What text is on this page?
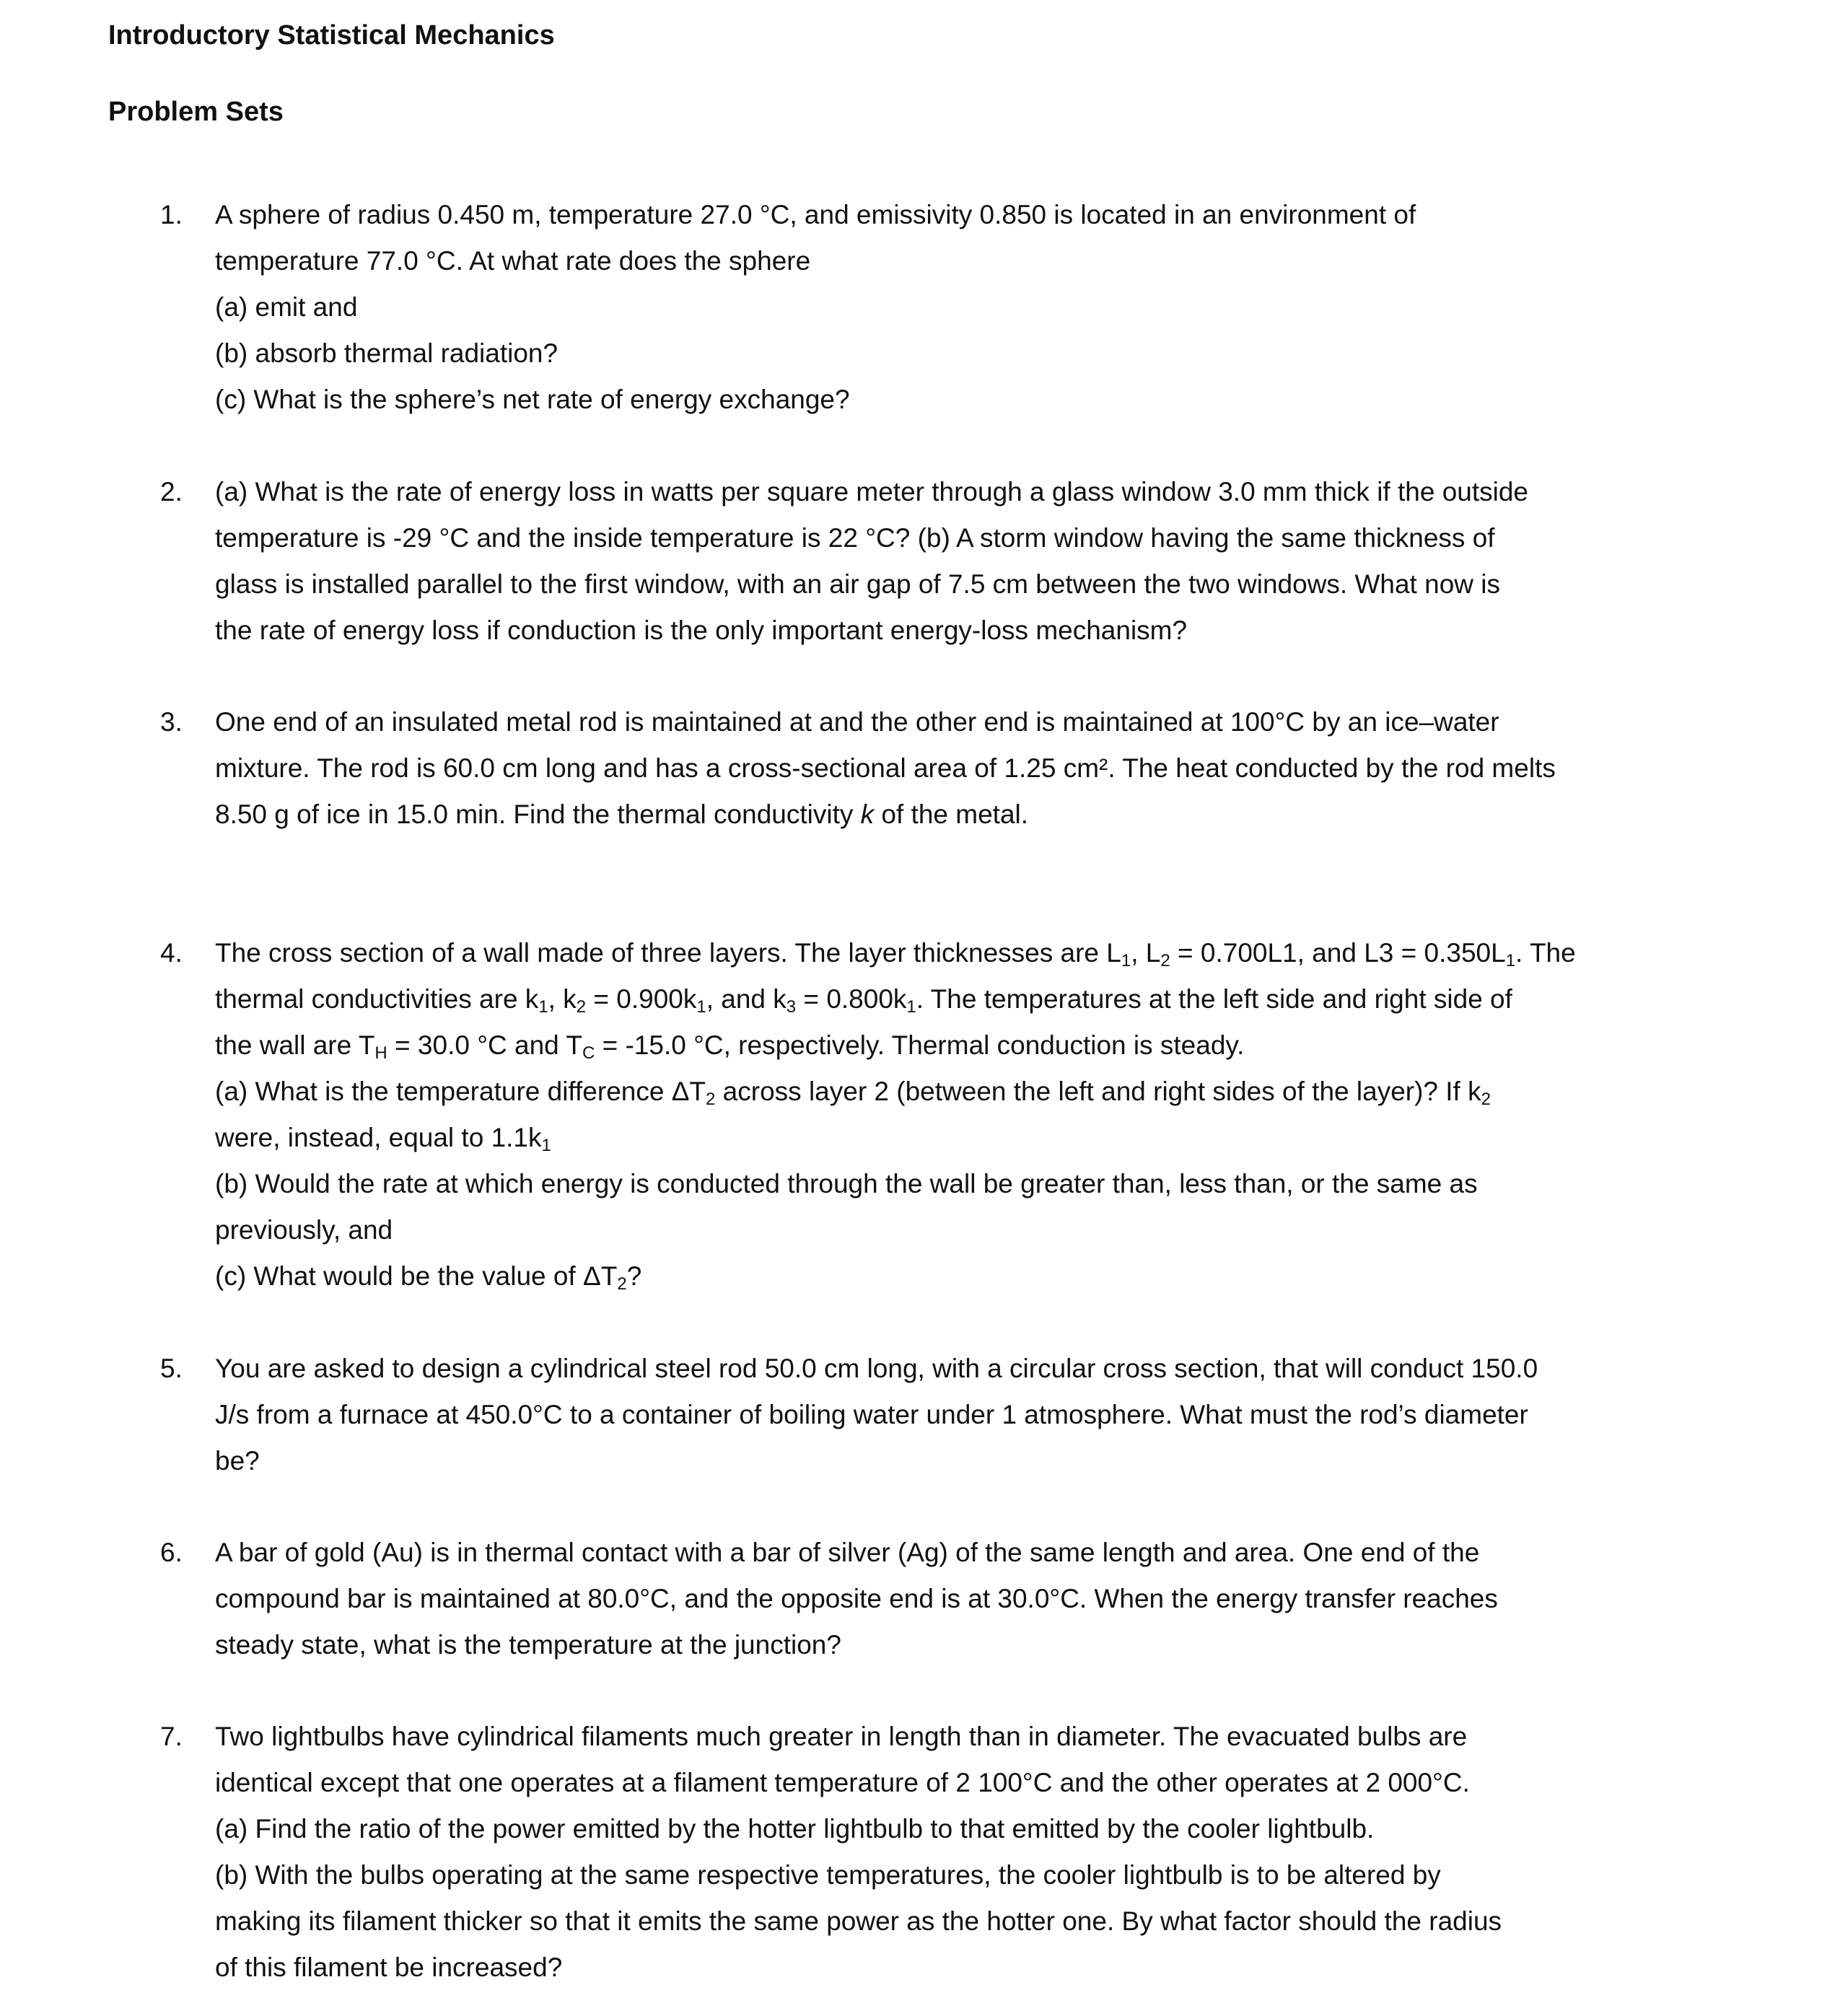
Introductory Statistical Mechanics
Problem Sets
1. A sphere of radius 0.450 m, temperature 27.0 °C, and emissivity 0.850 is located in an environment of
temperature 77.0 °C. At what rate does the sphere
(a) emit and
(b) absorb thermal radiation?
(c) What is the sphere’s net rate of energy exchange?
2. (a) What is the rate of energy loss in watts per square meter through a glass window 3.0 mm thick if the outside
temperature is -29 °C and the inside temperature is 22 °C? (b) A storm window having the same thickness of
glass is installed parallel to the first window, with an air gap of 7.5 cm between the two windows. What now is
the rate of energy loss if conduction is the only important energy-loss mechanism?
3. One end of an insulated metal rod is maintained at and the other end is maintained at 100°C by an ice–water
mixture. The rod is 60.0 cm long and has a cross-sectional area of 1.25 cm². The heat conducted by the rod melts
8.50 g of ice in 15.0 min. Find the thermal conductivity k of the metal.
4. The cross section of a wall made of three layers. The layer thicknesses are $L_1$, $L_2 = 0.700L1$, and $L3 = 0.350L_1$. The
thermal conductivities are $k_1$, $k_2 = 0.900k_1$, and $k_3 = 0.800k_1$. The temperatures at the left side and right side of
the wall are $T_H = 30.0$ °C and $T_C = -15.0$ °C, respectively. Thermal conduction is steady.
(a) What is the temperature difference $\Delta T_2$ across layer 2 (between the left and right sides of the layer)? If $k_2$
were, instead, equal to $1.1k_1$
(b) Would the rate at which energy is conducted through the wall be greater than, less than, or the same as
previously, and
(c) What would be the value of $\Delta T_2$?
5. You are asked to design a cylindrical steel rod 50.0 cm long, with a circular cross section, that will conduct 150.0
J/s from a furnace at 450.0°C to a container of boiling water under 1 atmosphere. What must the rod’s diameter
be?
6. A bar of gold (Au) is in thermal contact with a bar of silver (Ag) of the same length and area. One end of the
compound bar is maintained at 80.0°C, and the opposite end is at 30.0°C. When the energy transfer reaches
steady state, what is the temperature at the junction?
7. Two lightbulbs have cylindrical filaments much greater in length than in diameter. The evacuated bulbs are
identical except that one operates at a filament temperature of 2 100°C and the other operates at 2 000°C.
(a) Find the ratio of the power emitted by the hotter lightbulb to that emitted by the cooler lightbulb.
(b) With the bulbs operating at the same respective temperatures, the cooler lightbulb is to be altered by
making its filament thicker so that it emits the same power as the hotter one. By what factor should the radius
of this filament be increased?
